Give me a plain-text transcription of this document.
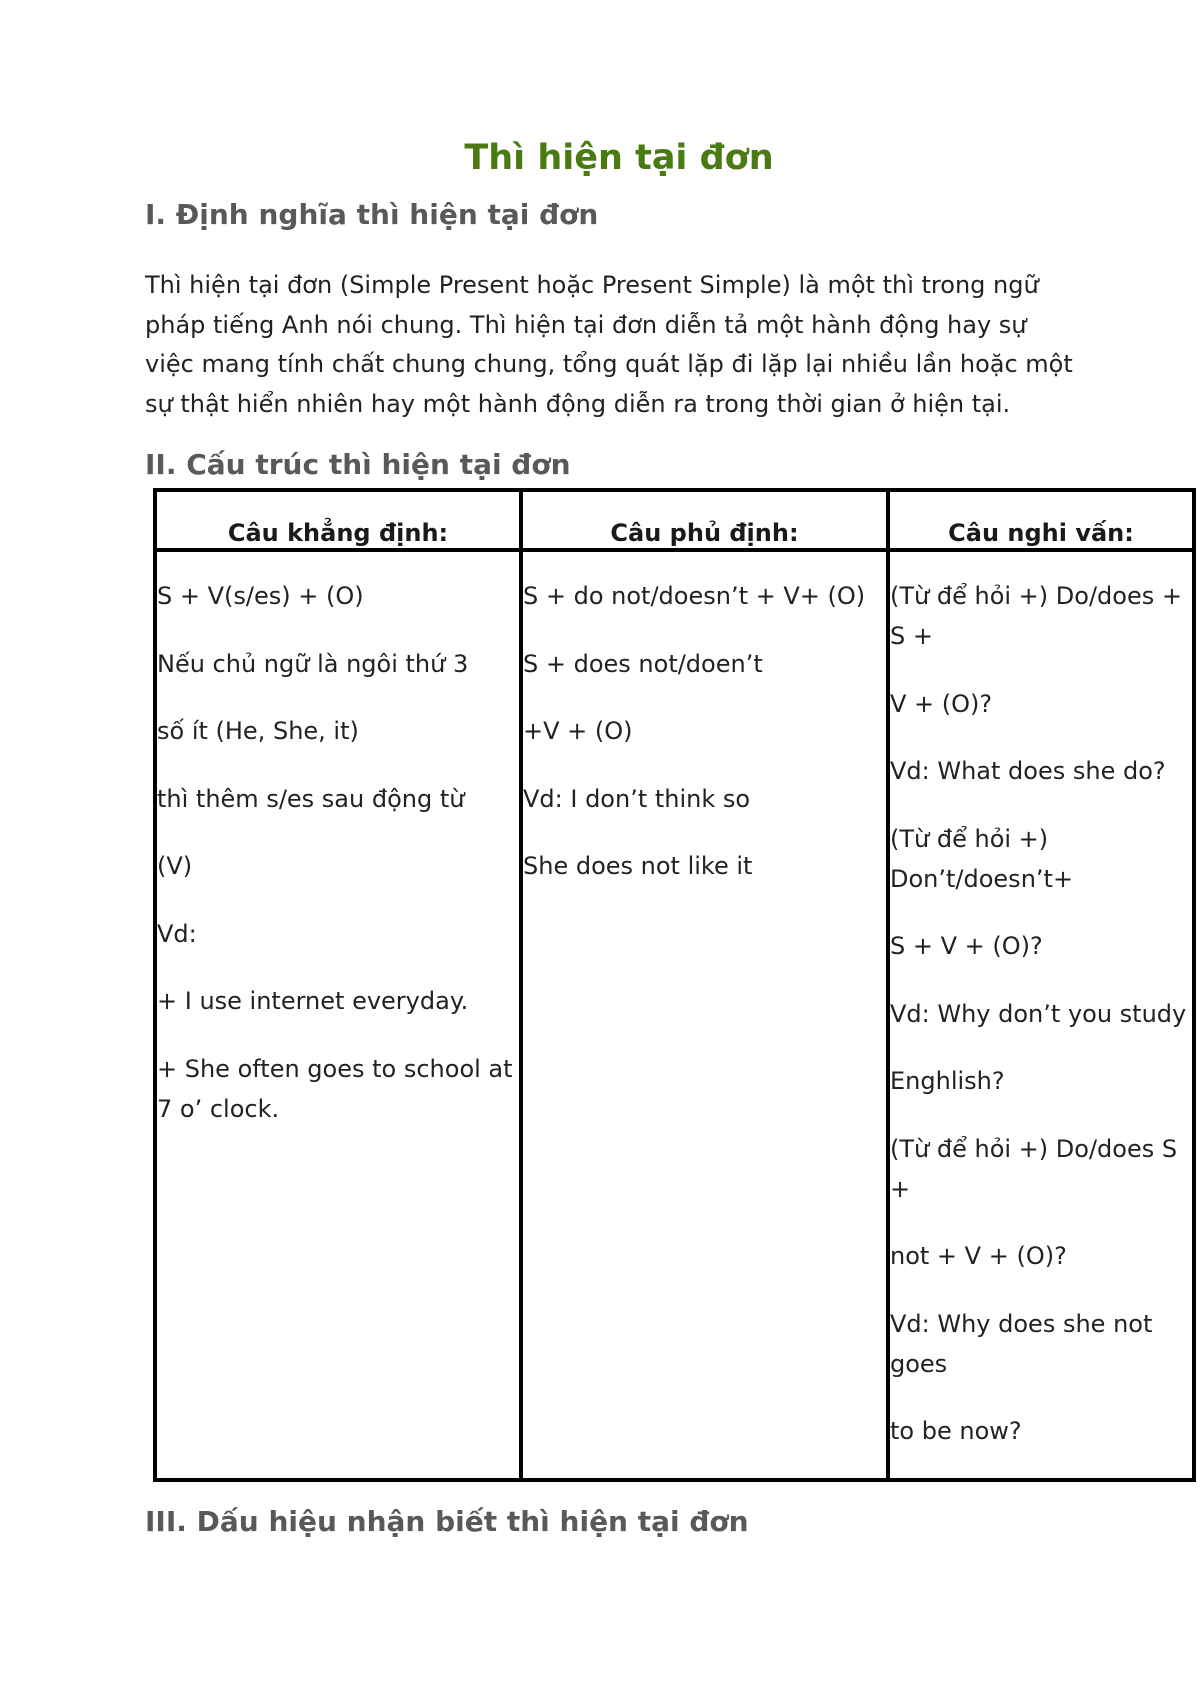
Thì hiện tại đơn
I. Định nghĩa thì hiện tại đơn
Thì hiện tại đơn (Simple Present hoặc Present Simple) là một thì trong ngữ
pháp tiếng Anh nói chung. Thì hiện tại đơn diễn tả một hành động hay sự
việc mang tính chất chung chung, tổng quát lặp đi lặp lại nhiều lần hoặc một
sự thật hiển nhiên hay một hành động diễn ra trong thời gian ở hiện tại.
II. Cấu trúc thì hiện tại đơn
Câu khẳng định:
S + V(s/es) + (O)
Nếu chủ ngữ là ngôi thứ 3
số ít (He, She, it)
thì thêm s/es sau động từ
(V)
Vd:
+ I use internet everyday.
+ She often goes to school at 7 o’ clock.
Câu phủ định:
S + do not/doesn’t + V+ (O)
S + does not/doen’t
+V + (O)
Vd: I don’t think so
She does not like it
Câu nghi vấn:
(Từ để hỏi +) Do/does + S +
V + (O)?
Vd: What does she do?
(Từ để hỏi +) Don’t/doesn’t+
S + V + (O)?
Vd: Why don’t you study
Enghlish?
(Từ để hỏi +) Do/does S +
not + V + (O)?
Vd: Why does she not goes
to be now?
III. Dấu hiệu nhận biết thì hiện tại đơn
